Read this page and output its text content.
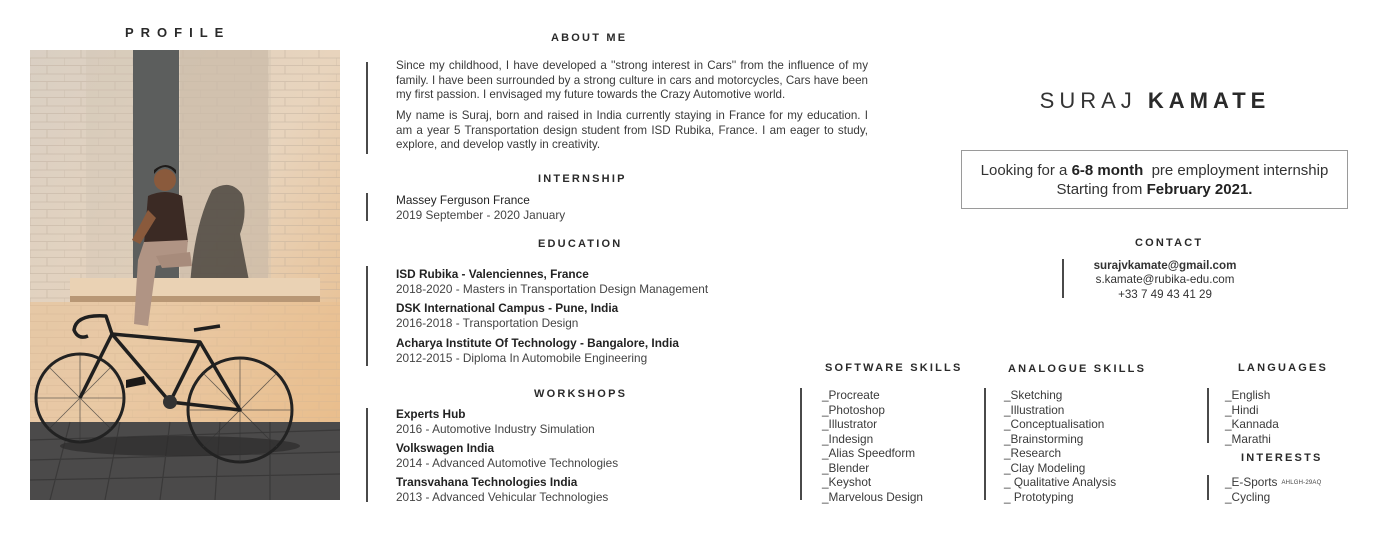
PROFILE	ABOUT ME

Since my childhood, I have developed a ''strong interest in Cars'' from the influence of my family. I have been surrounded by a strong culture in cars and motorcycles, Cars have been my first passion. I envisaged my future towards the Crazy Automotive world.

My name is Suraj, born and raised in India currently staying in France for my education. I am a year 5 Transportation design student from ISD Rubika, France. I am eager to study, explore, and develop vastly in creativity.

INTERNSHIP
Massey Ferguson France
2019 September - 2020 January
EDUCATION
ISD Rubika - Valenciennes, France
2018-2020 - Masters in Transportation Design Management
DSK International Campus - Pune, India
2016-2018 - Transportation Design
Acharya Institute Of Technology - Bangalore, India
2012-2015 - Diploma In Automobile Engineering
WORKSHOPS
Experts Hub
2016 - Automotive Industry Simulation
Volkswagen India
2014 - Advanced Automotive Technologies
Transvahana Technologies India
2013 - Advanced Vehicular Technologies
SURAJ KAMATE
Looking for a 6-8 month  pre employment internship
Starting from February 2021.
CONTACT
surajvkamate@gmail.com
s.kamate@rubika-edu.com
+33 7 49 43 41 29
SOFTWARE SKILLS
_Procreate
_Photoshop
_Illustrator
_Indesign
_Alias Speedform
_Blender
_Keyshot
_Marvelous Design
ANALOGUE SKILLS
_Sketching
_Illustration
_Conceptualisation
_Brainstorming
_Research
_Clay Modeling
_ Qualitative Analysis
_ Prototyping
LANGUAGES
_English
_Hindi
_Kannada
_Marathi
INTERESTS
_E-Sports AHLGH-29AQ
_Cycling
